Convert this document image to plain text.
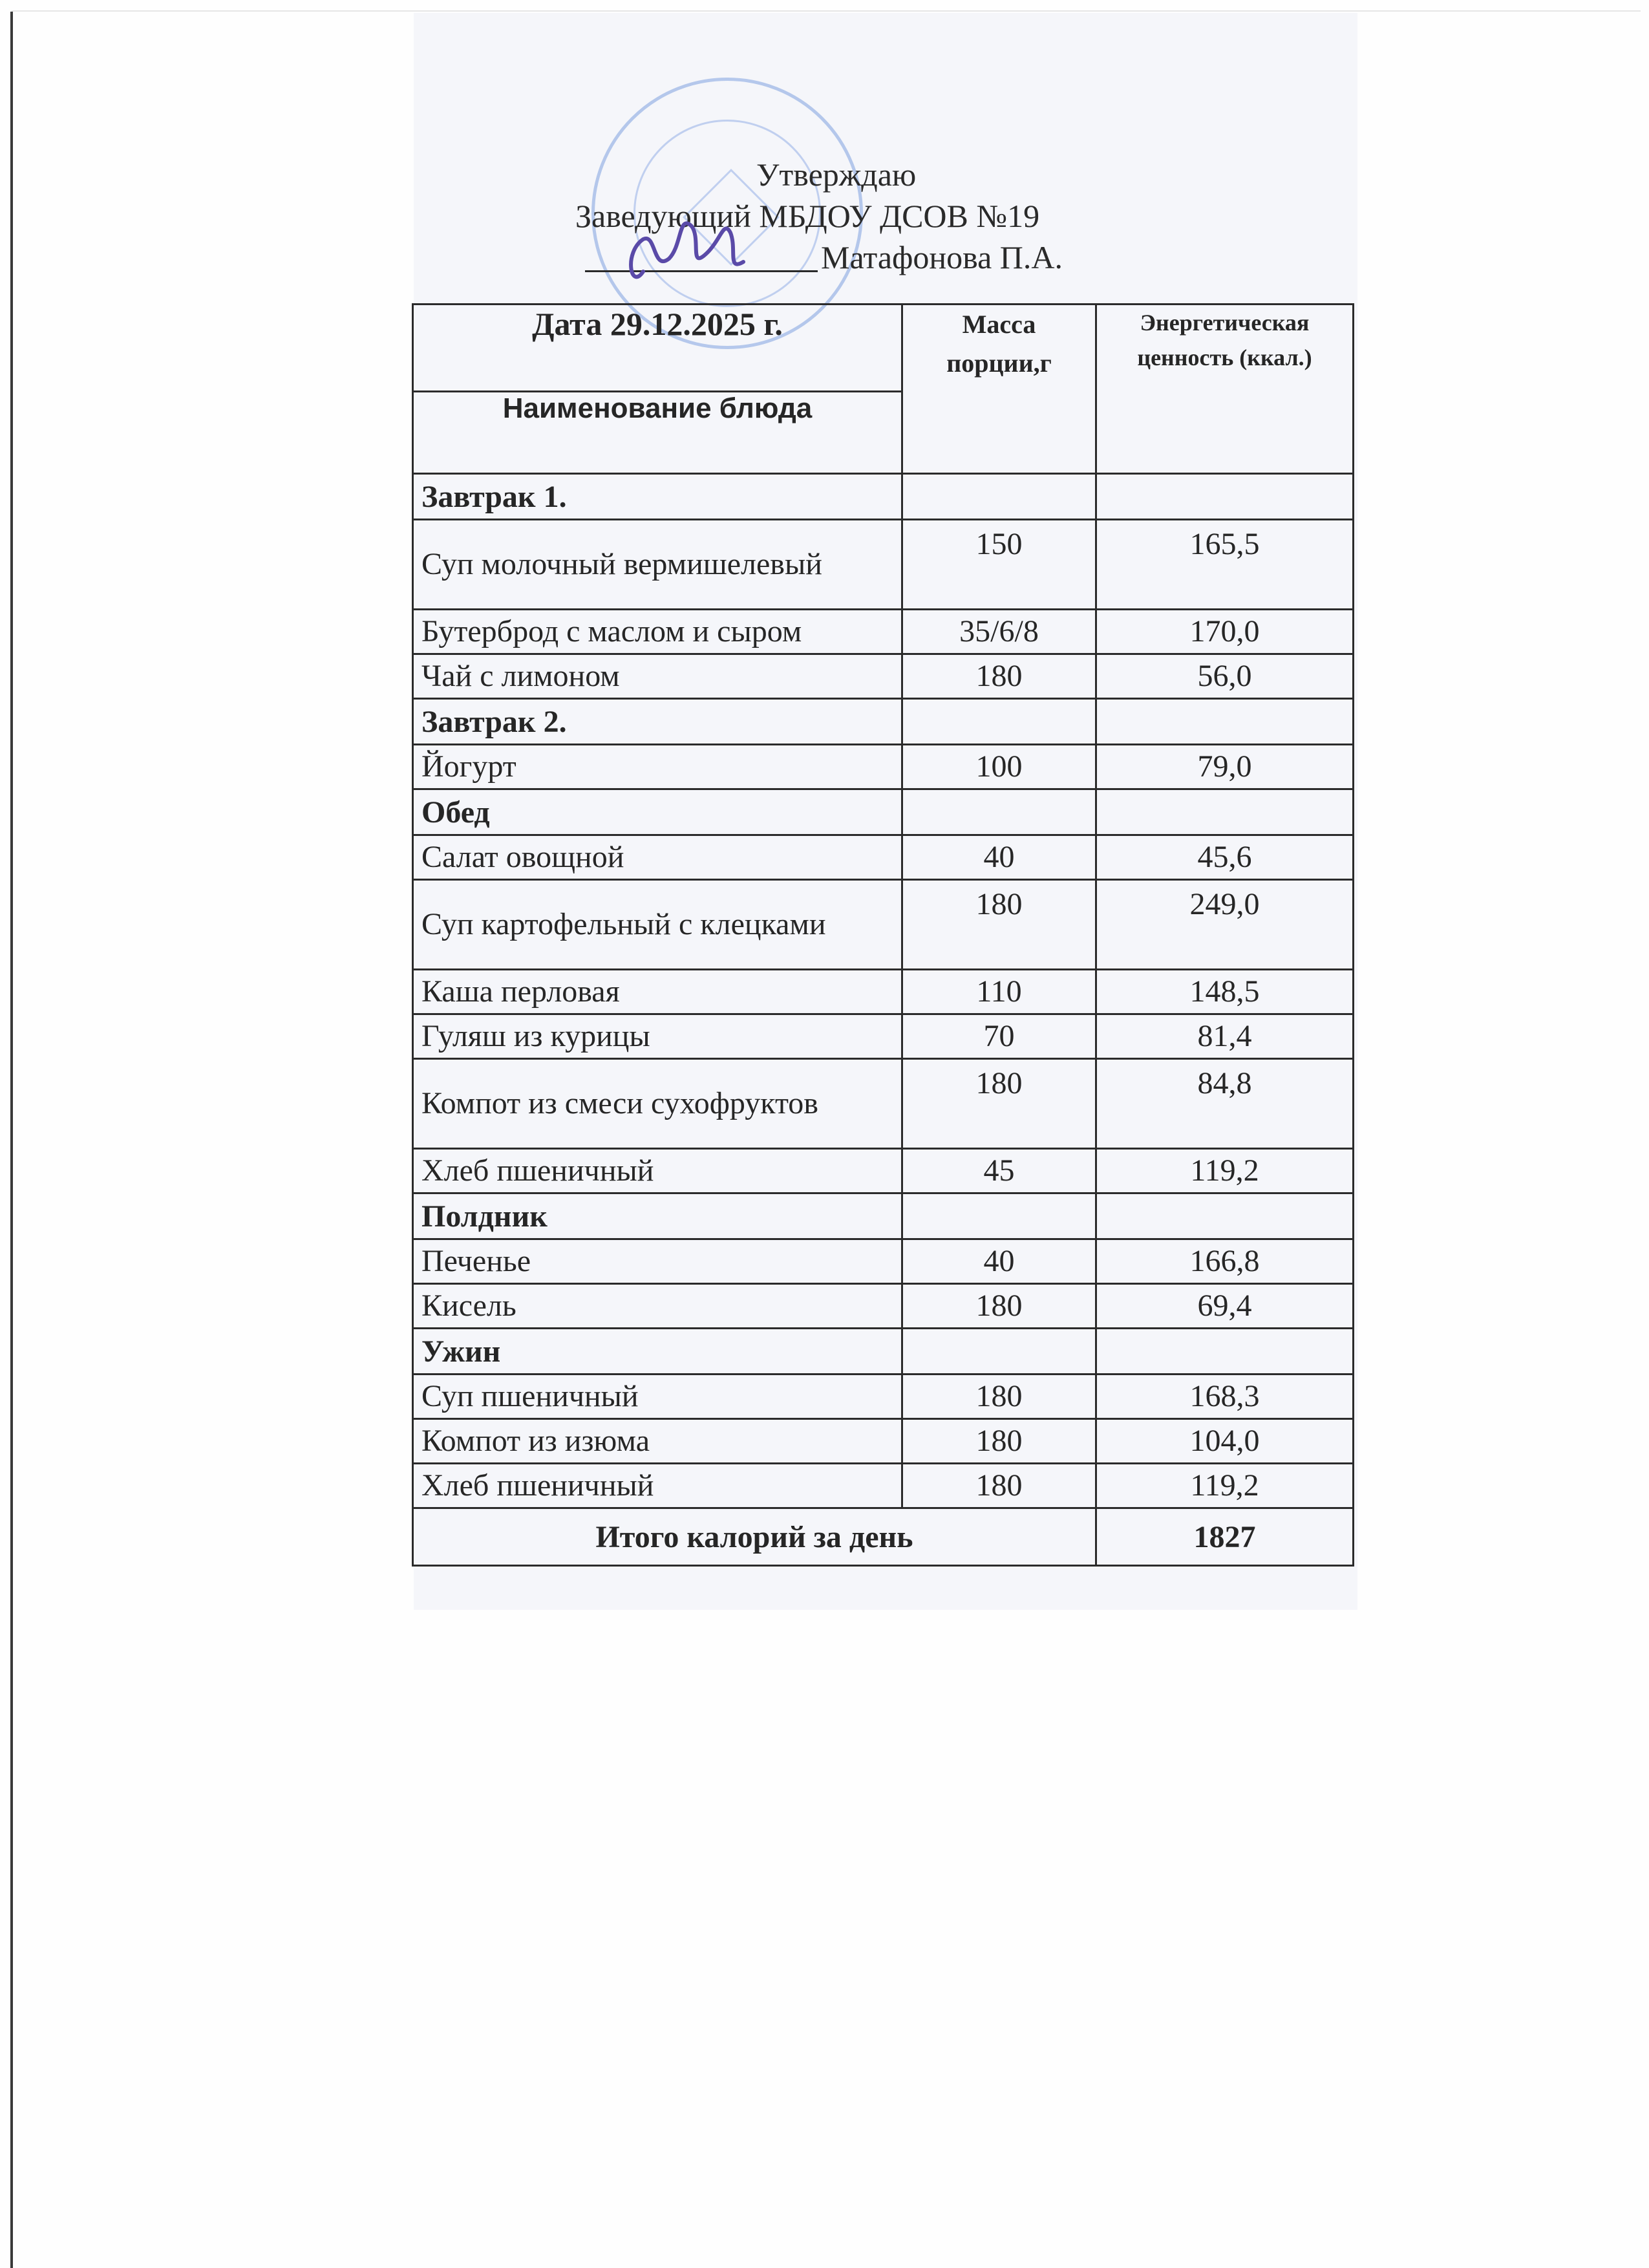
Утверждаю
Заведующий МБДОУ ДСОВ №19
Матафонова П.А.
Дата 29.12.2025 г.	Масса порции,г	Энергетическая ценность (ккал.)
Наименование блюда		
Завтрак 1.		
Суп молочный вермишелевый	150	165,5
Бутерброд с маслом и сыром	35/6/8	170,0
Чай с лимоном	180	56,0
Завтрак 2.		
Йогурт	100	79,0
Обед		
Салат овощной	40	45,6
Суп картофельный с клецками	180	249,0
Каша перловая	110	148,5
Гуляш из курицы	70	81,4
Компот из смеси сухофруктов	180	84,8
Хлеб пшеничный	45	119,2
Полдник		
Печенье	40	166,8
Кисель	180	69,4
Ужин		
Суп пшеничный	180	168,3
Компот из изюма	180	104,0
Хлеб пшеничный	180	119,2
Итого калорий за день		1827
